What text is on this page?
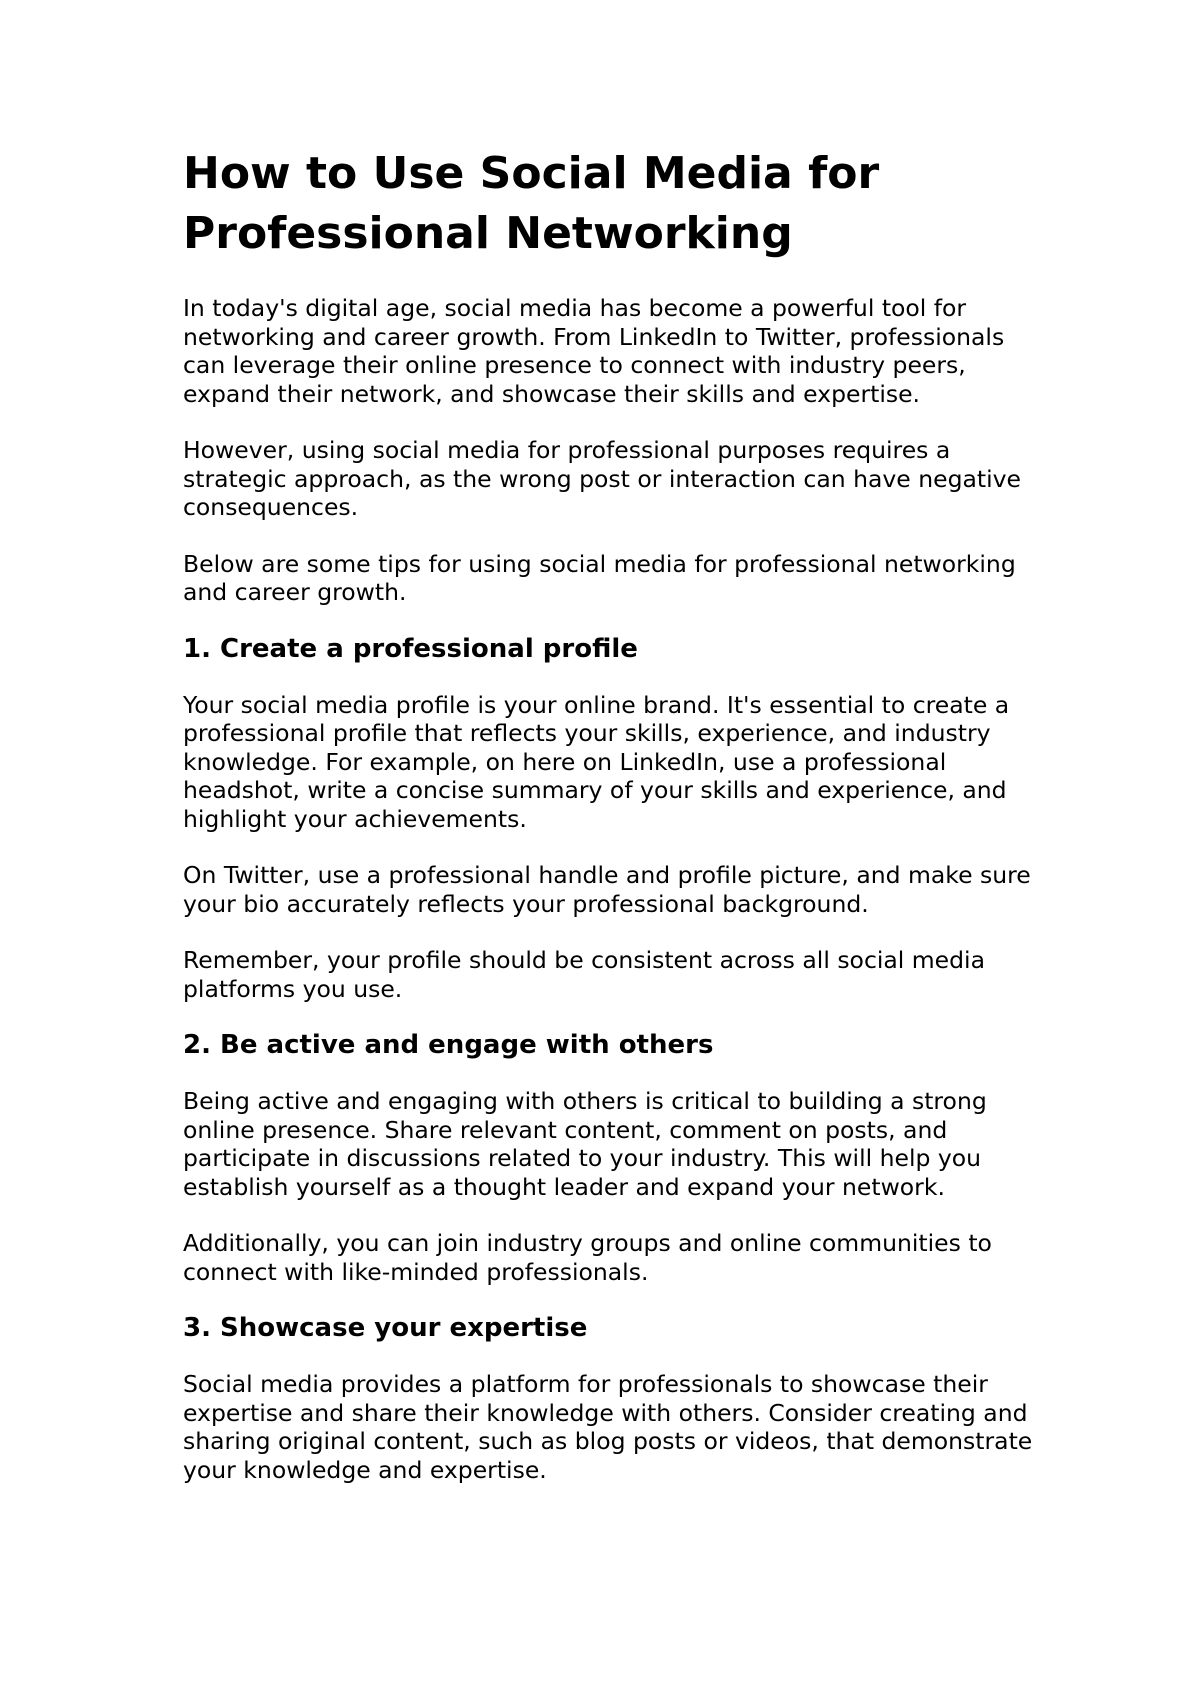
How to Use Social Media for Professional Networking

In today's digital age, social media has become a powerful tool for networking and career growth. From LinkedIn to Twitter, professionals can leverage their online presence to connect with industry peers, expand their network, and showcase their skills and expertise.

However, using social media for professional purposes requires a strategic approach, as the wrong post or interaction can have negative consequences.

Below are some tips for using social media for professional networking and career growth.

1. Create a professional profile

Your social media profile is your online brand. It's essential to create a professional profile that reflects your skills, experience, and industry knowledge. For example, on here on LinkedIn, use a professional headshot, write a concise summary of your skills and experience, and highlight your achievements.

On Twitter, use a professional handle and profile picture, and make sure your bio accurately reflects your professional background.

Remember, your profile should be consistent across all social media platforms you use.

2. Be active and engage with others

Being active and engaging with others is critical to building a strong online presence. Share relevant content, comment on posts, and participate in discussions related to your industry. This will help you establish yourself as a thought leader and expand your network.

Additionally, you can join industry groups and online communities to connect with like-minded professionals.

3. Showcase your expertise

Social media provides a platform for professionals to showcase their expertise and share their knowledge with others. Consider creating and sharing original content, such as blog posts or videos, that demonstrate your knowledge and expertise.
